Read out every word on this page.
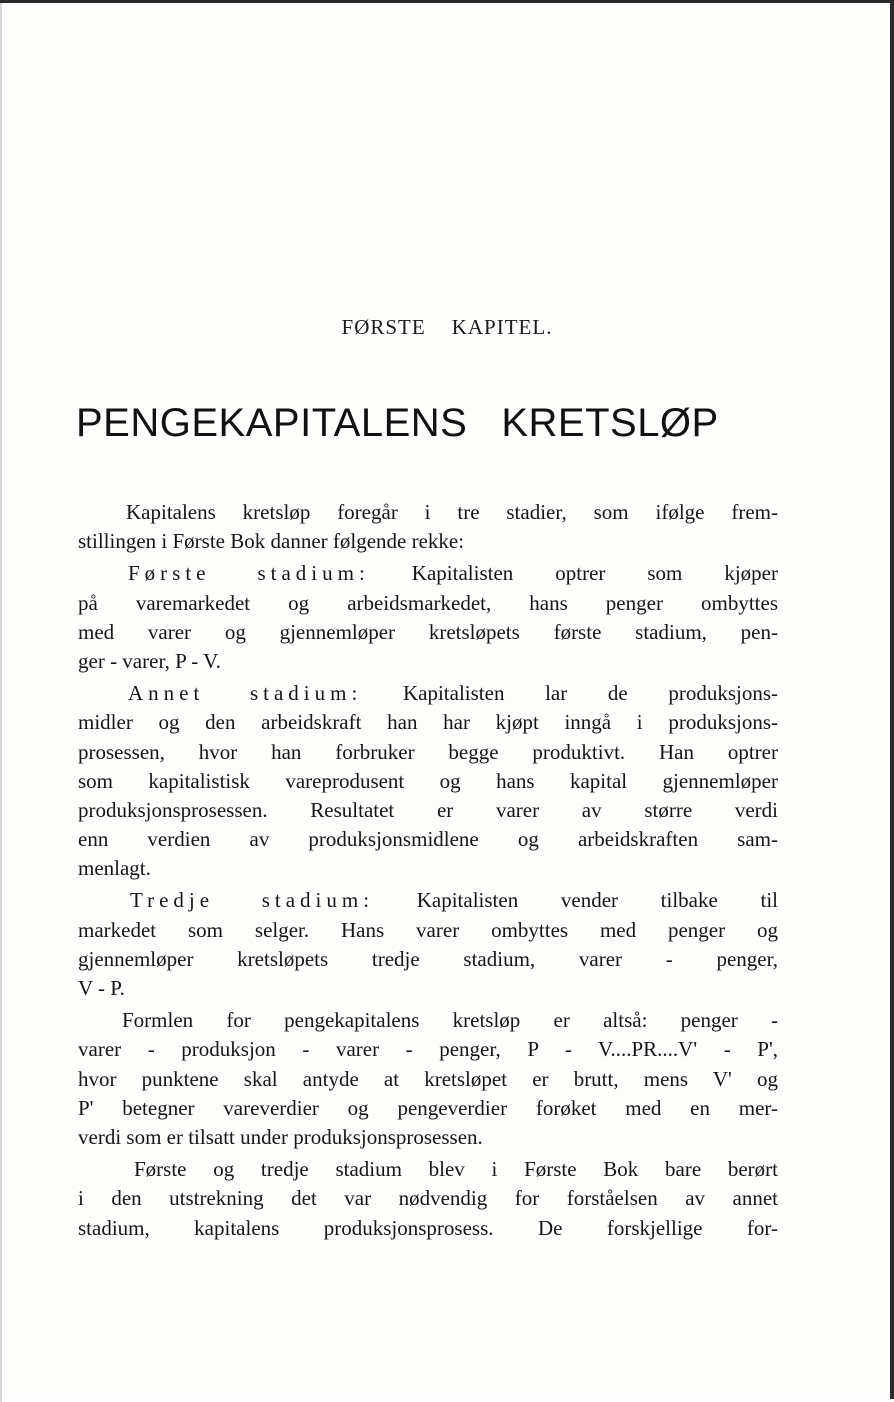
FØRSTE KAPITEL.
PENGEKAPITALENS KRETSLØP
Kapitalens kretsløp foregår i tre stadier, som ifølge frem-
stillingen i Første Bok danner følgende rekke:
Første stadium: Kapitalisten optrer som kjøper
på varemarkedet og arbeidsmarkedet, hans penger ombyttes
med varer og gjennemløper kretsløpets første stadium, pen-
ger - varer, P - V.
Annet stadium: Kapitalisten lar de produksjons-
midler og den arbeidskraft han har kjøpt inngå i produksjons-
prosessen, hvor han forbruker begge produktivt. Han optrer
som kapitalistisk vareprodusent og hans kapital gjennemløper
produksjonsprosessen. Resultatet er varer av større verdi
enn verdien av produksjonsmidlene og arbeidskraften sam-
menlagt.
Tredje stadium: Kapitalisten vender tilbake til
markedet som selger. Hans varer ombyttes med penger og
gjennemløper kretsløpets tredje stadium, varer - penger,
V - P.
Formlen for pengekapitalens kretsløp er altså: penger -
varer - produksjon - varer - penger, P - V....PR....V' - P',
hvor punktene skal antyde at kretsløpet er brutt, mens V' og
P' betegner vareverdier og pengeverdier forøket med en mer-
verdi som er tilsatt under produksjonsprosessen.
Første og tredje stadium blev i Første Bok bare berørt
i den utstrekning det var nødvendig for forståelsen av annet
stadium, kapitalens produksjonsprosess. De forskjellige for-
